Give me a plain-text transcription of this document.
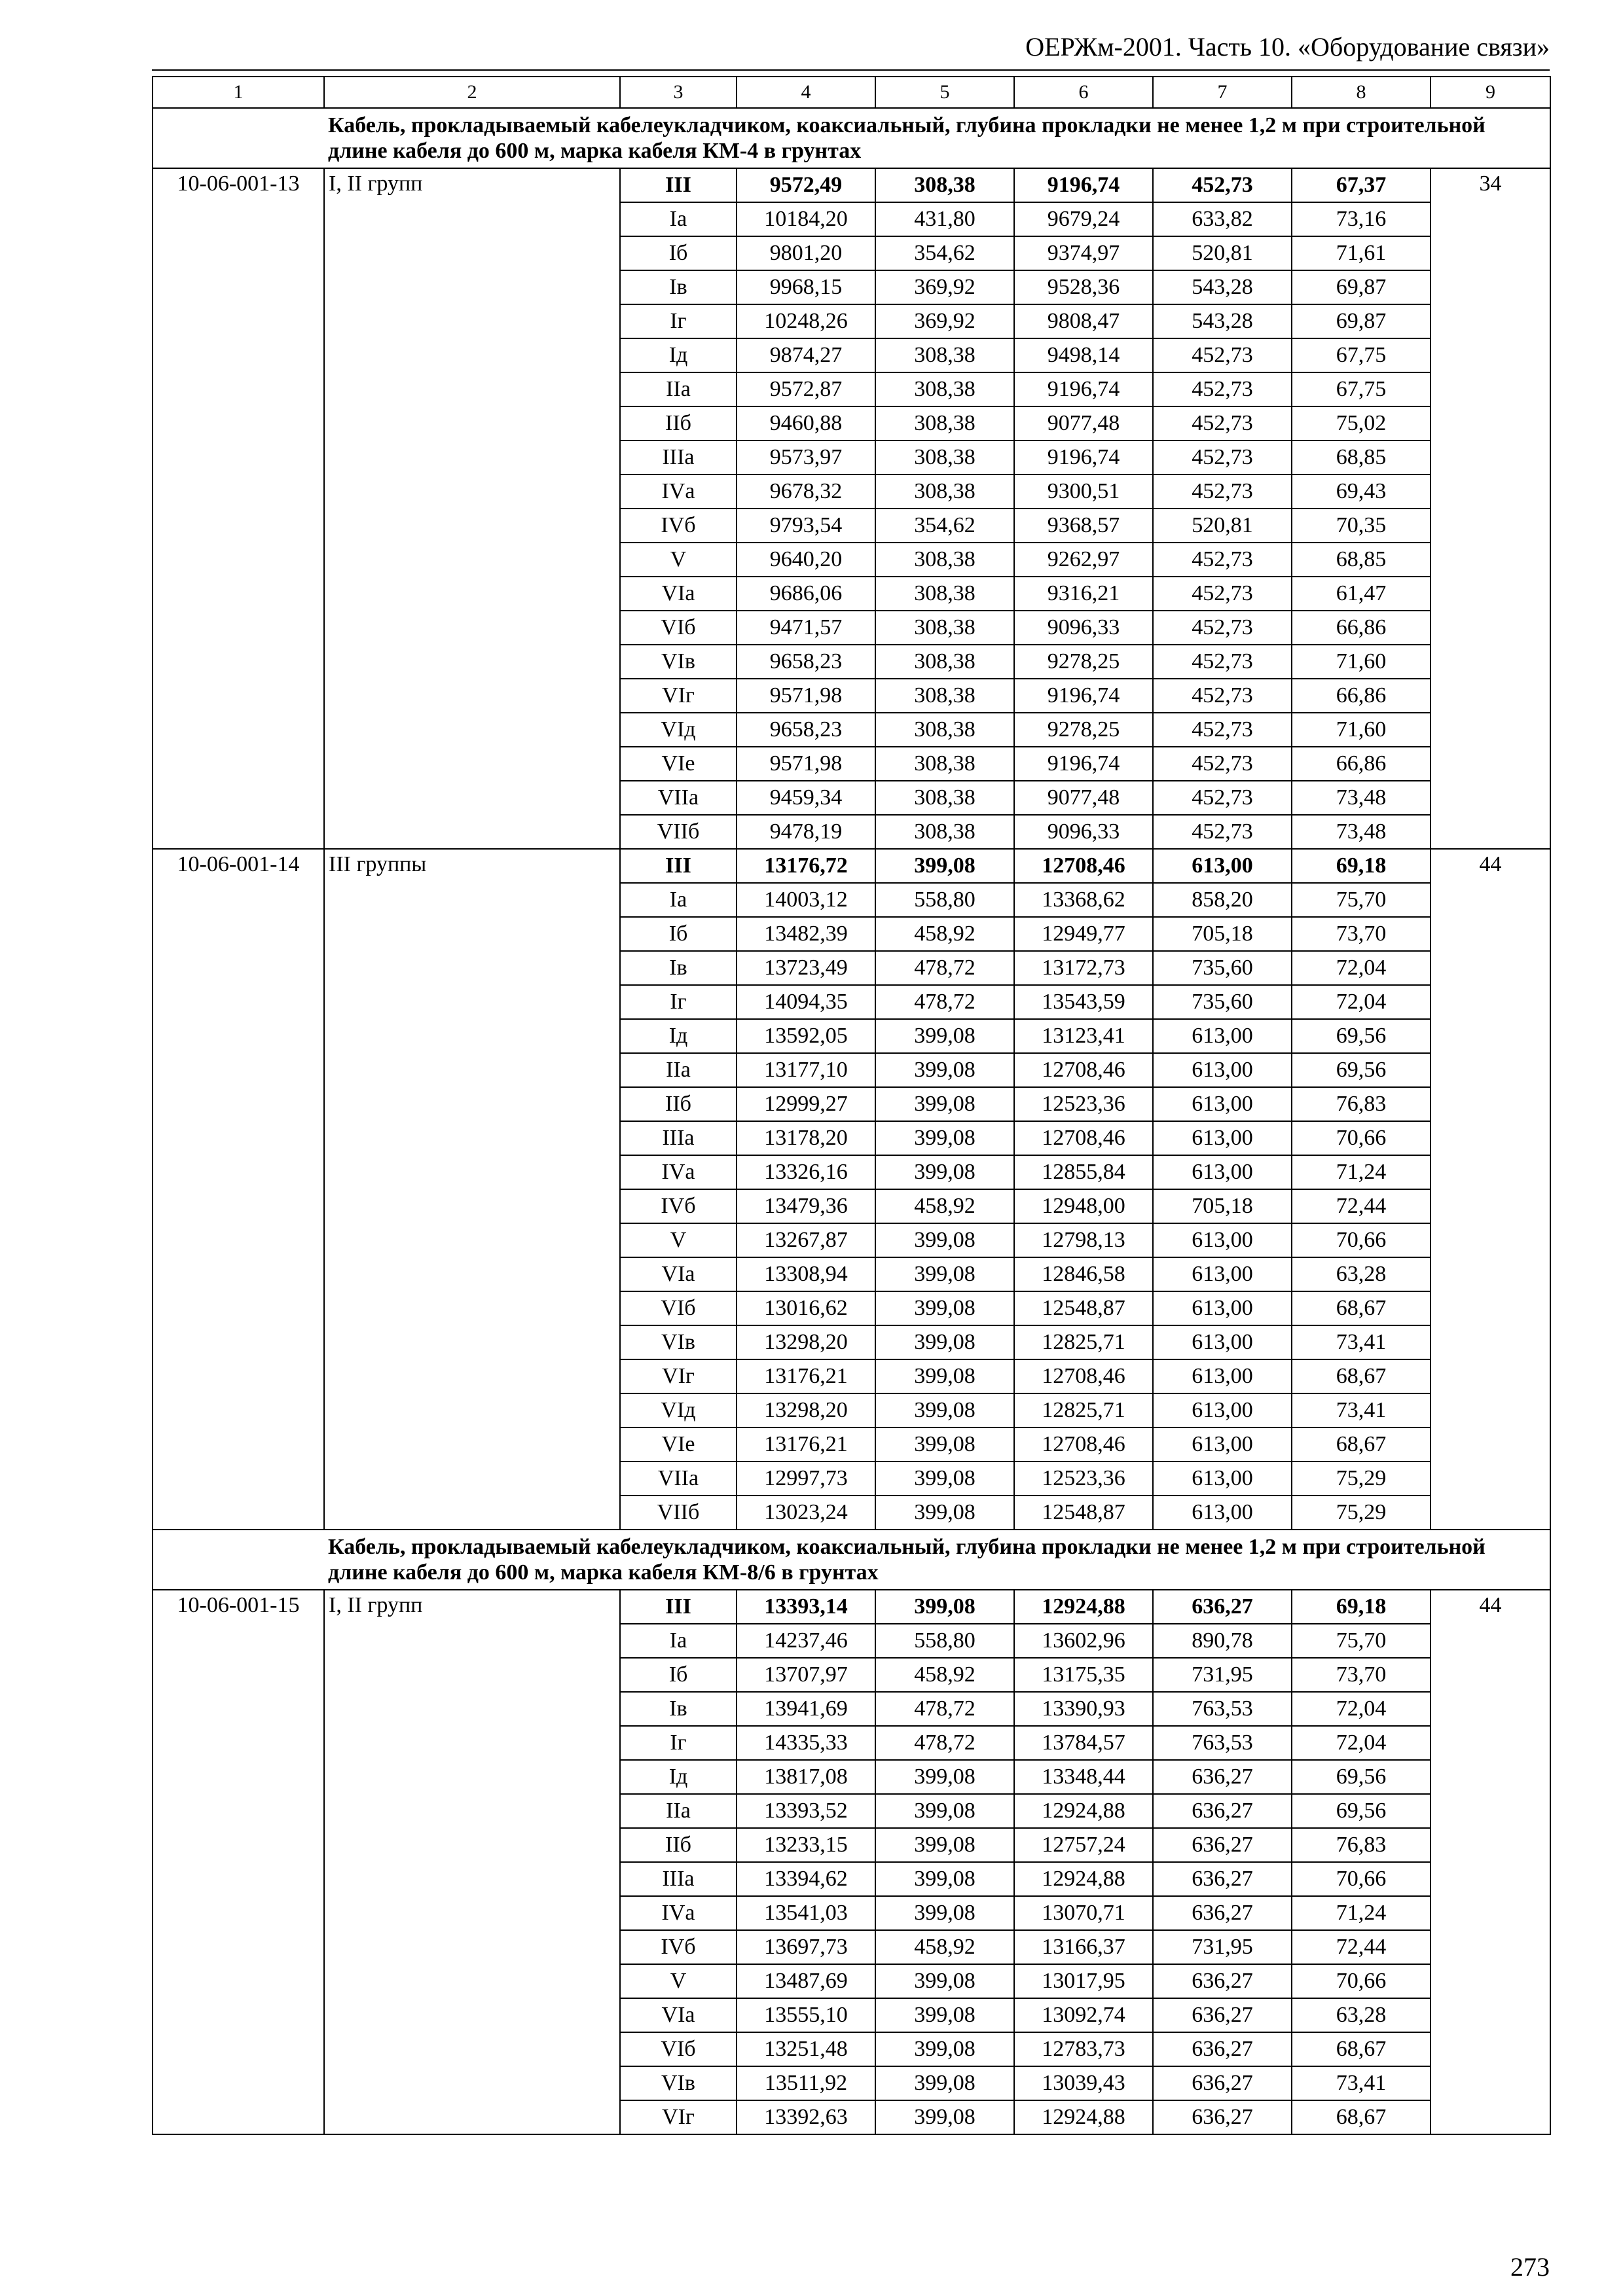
ОЕРЖм-2001. Часть 10. «Оборудование связи»
1	2	3	4	5	6	7	8	9
	Кабель, прокладываемый кабелеукладчиком, коаксиальный, глубина прокладки не менее 1,2 м при строительной длине кабеля до 600 м, марка кабеля КМ-4 в грунтах							
10-06-001-13	I, II групп	III	9572,49	308,38	9196,74	452,73	67,37	34
		Iа	10184,20	431,80	9679,24	633,82	73,16	
		Iб	9801,20	354,62	9374,97	520,81	71,61	
		Iв	9968,15	369,92	9528,36	543,28	69,87	
		Iг	10248,26	369,92	9808,47	543,28	69,87	
		Iд	9874,27	308,38	9498,14	452,73	67,75	
		IIа	9572,87	308,38	9196,74	452,73	67,75	
		IIб	9460,88	308,38	9077,48	452,73	75,02	
		IIIа	9573,97	308,38	9196,74	452,73	68,85	
		IVа	9678,32	308,38	9300,51	452,73	69,43	
		IVб	9793,54	354,62	9368,57	520,81	70,35	
		V	9640,20	308,38	9262,97	452,73	68,85	
		VIа	9686,06	308,38	9316,21	452,73	61,47	
		VIб	9471,57	308,38	9096,33	452,73	66,86	
		VIв	9658,23	308,38	9278,25	452,73	71,60	
		VIг	9571,98	308,38	9196,74	452,73	66,86	
		VIд	9658,23	308,38	9278,25	452,73	71,60	
		VIе	9571,98	308,38	9196,74	452,73	66,86	
		VIIа	9459,34	308,38	9077,48	452,73	73,48	
		VIIб	9478,19	308,38	9096,33	452,73	73,48	
10-06-001-14	III группы	III	13176,72	399,08	12708,46	613,00	69,18	44
		Iа	14003,12	558,80	13368,62	858,20	75,70	
		Iб	13482,39	458,92	12949,77	705,18	73,70	
		Iв	13723,49	478,72	13172,73	735,60	72,04	
		Iг	14094,35	478,72	13543,59	735,60	72,04	
		Iд	13592,05	399,08	13123,41	613,00	69,56	
		IIа	13177,10	399,08	12708,46	613,00	69,56	
		IIб	12999,27	399,08	12523,36	613,00	76,83	
		IIIа	13178,20	399,08	12708,46	613,00	70,66	
		IVа	13326,16	399,08	12855,84	613,00	71,24	
		IVб	13479,36	458,92	12948,00	705,18	72,44	
		V	13267,87	399,08	12798,13	613,00	70,66	
		VIа	13308,94	399,08	12846,58	613,00	63,28	
		VIб	13016,62	399,08	12548,87	613,00	68,67	
		VIв	13298,20	399,08	12825,71	613,00	73,41	
		VIг	13176,21	399,08	12708,46	613,00	68,67	
		VIд	13298,20	399,08	12825,71	613,00	73,41	
		VIе	13176,21	399,08	12708,46	613,00	68,67	
		VIIа	12997,73	399,08	12523,36	613,00	75,29	
		VIIб	13023,24	399,08	12548,87	613,00	75,29	
	Кабель, прокладываемый кабелеукладчиком, коаксиальный, глубина прокладки не менее 1,2 м при строительной длине кабеля до 600 м, марка кабеля КМ-8/6 в грунтах							
10-06-001-15	I, II групп	III	13393,14	399,08	12924,88	636,27	69,18	44
		Iа	14237,46	558,80	13602,96	890,78	75,70	
		Iб	13707,97	458,92	13175,35	731,95	73,70	
		Iв	13941,69	478,72	13390,93	763,53	72,04	
		Iг	14335,33	478,72	13784,57	763,53	72,04	
		Iд	13817,08	399,08	13348,44	636,27	69,56	
		IIа	13393,52	399,08	12924,88	636,27	69,56	
		IIб	13233,15	399,08	12757,24	636,27	76,83	
		IIIа	13394,62	399,08	12924,88	636,27	70,66	
		IVа	13541,03	399,08	13070,71	636,27	71,24	
		IVб	13697,73	458,92	13166,37	731,95	72,44	
		V	13487,69	399,08	13017,95	636,27	70,66	
		VIа	13555,10	399,08	13092,74	636,27	63,28	
		VIб	13251,48	399,08	12783,73	636,27	68,67	
		VIв	13511,92	399,08	13039,43	636,27	73,41	
		VIг	13392,63	399,08	12924,88	636,27	68,67	
273
